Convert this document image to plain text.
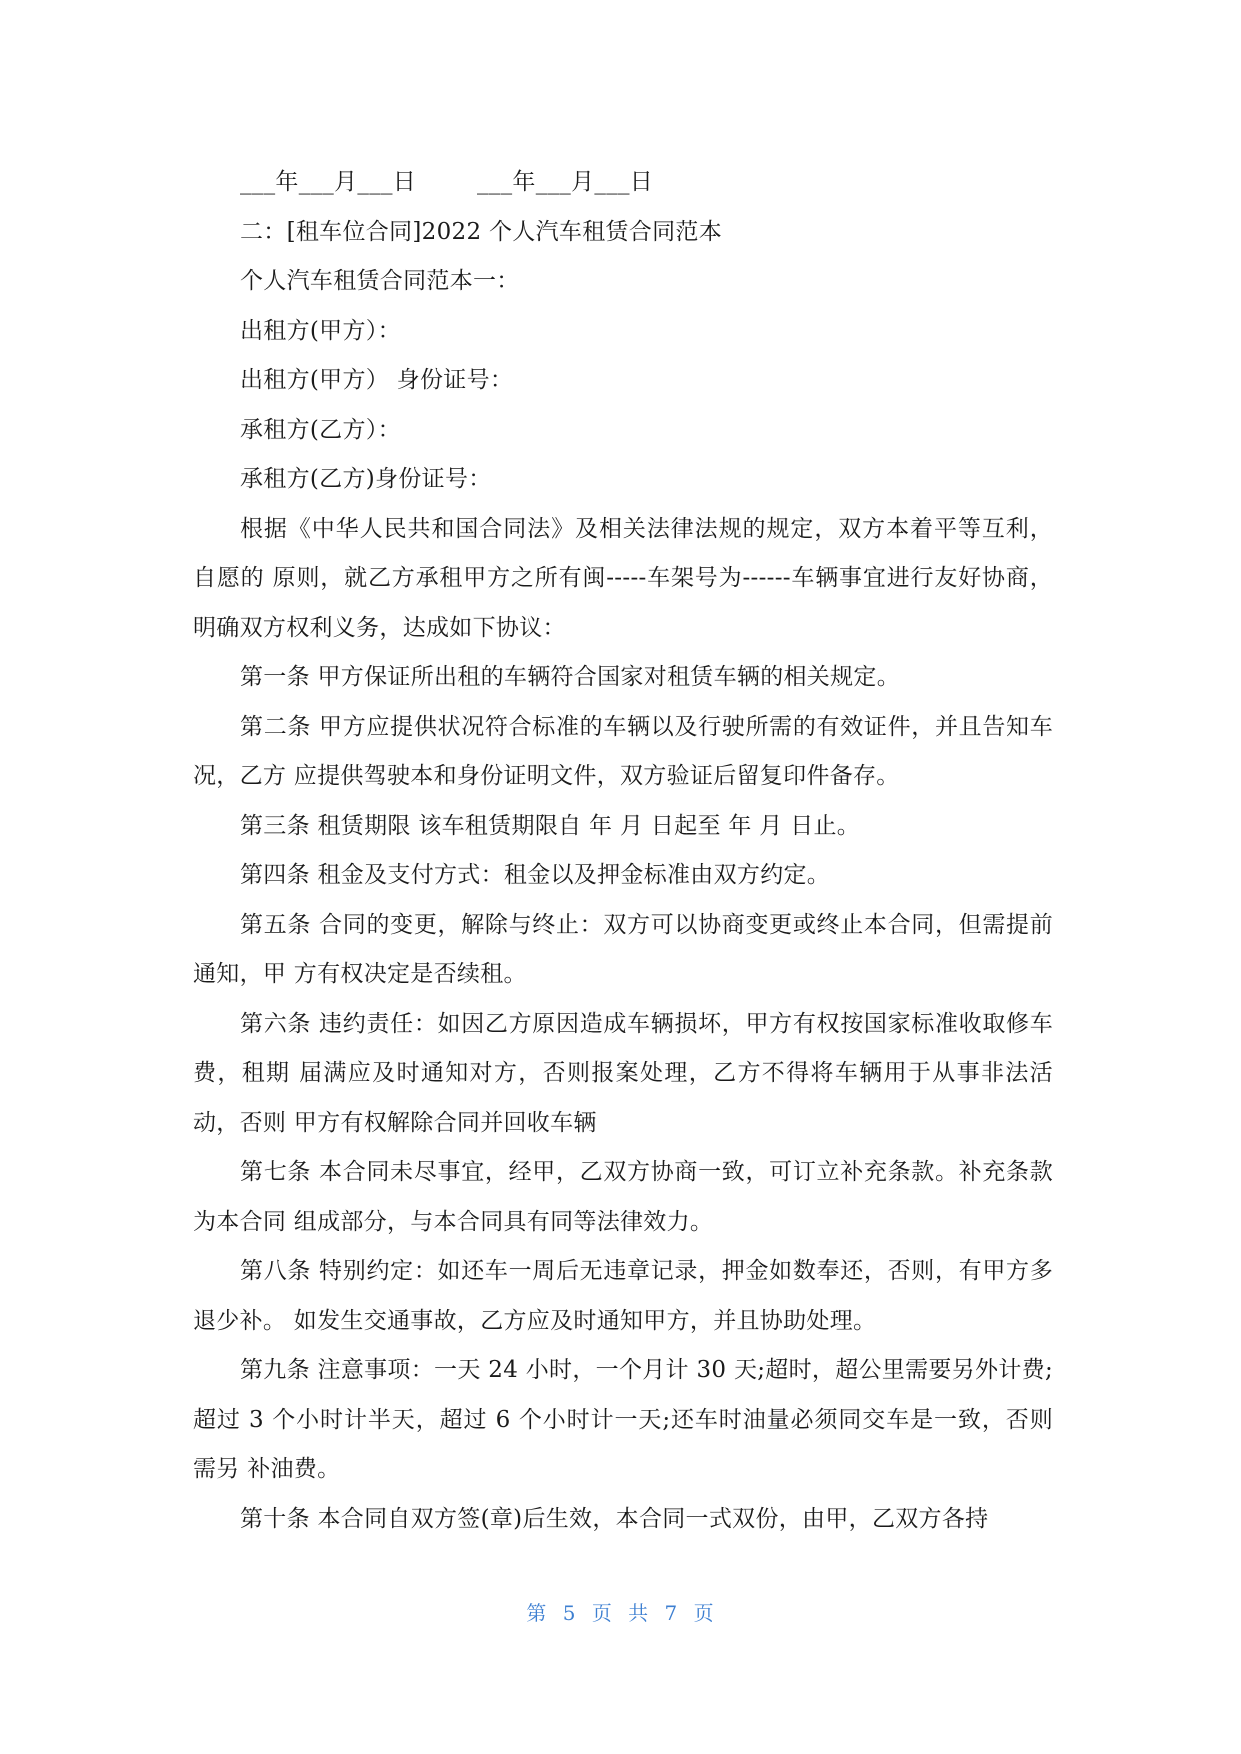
___年___月___日        ___年___月___日

二：[租车位合同]2022 个人汽车租赁合同范本

个人汽车租赁合同范本一：

出租方(甲方）：

出租方(甲方） 身份证号：

承租方(乙方）：

承租方(乙方)身份证号：

根据《中华人民共和国合同法》及相关法律法规的规定，双方本着平等互利，自愿的 原则，就乙方承租甲方之所有闽-----车架号为------车辆事宜进行友好协商，明确双方权利义务，达成如下协议：

第一条 甲方保证所出租的车辆符合国家对租赁车辆的相关规定。

第二条 甲方应提供状况符合标准的车辆以及行驶所需的有效证件，并且告知车况，乙方 应提供驾驶本和身份证明文件，双方验证后留复印件备存。

第三条 租赁期限 该车租赁期限自 年 月 日起至 年 月 日止。

第四条 租金及支付方式：租金以及押金标准由双方约定。

第五条 合同的变更，解除与终止：双方可以协商变更或终止本合同，但需提前通知，甲 方有权决定是否续租。

第六条 违约责任：如因乙方原因造成车辆损坏，甲方有权按国家标准收取修车费，租期 届满应及时通知对方，否则报案处理，乙方不得将车辆用于从事非法活动，否则 甲方有权解除合同并回收车辆

第七条 本合同未尽事宜，经甲，乙双方协商一致，可订立补充条款。补充条款为本合同 组成部分，与本合同具有同等法律效力。

第八条 特别约定：如还车一周后无违章记录，押金如数奉还，否则，有甲方多退少补。 如发生交通事故，乙方应及时通知甲方，并且协助处理。

第九条 注意事项：一天 24 小时，一个月计 30 天;超时，超公里需要另外计费;超过 3 个小时计半天，超过 6 个小时计一天;还车时油量必须同交车是一致，否则需另 补油费。

第十条 本合同自双方签(章)后生效，本合同一式双份，由甲，乙双方各持

第 5 页 共 7 页
